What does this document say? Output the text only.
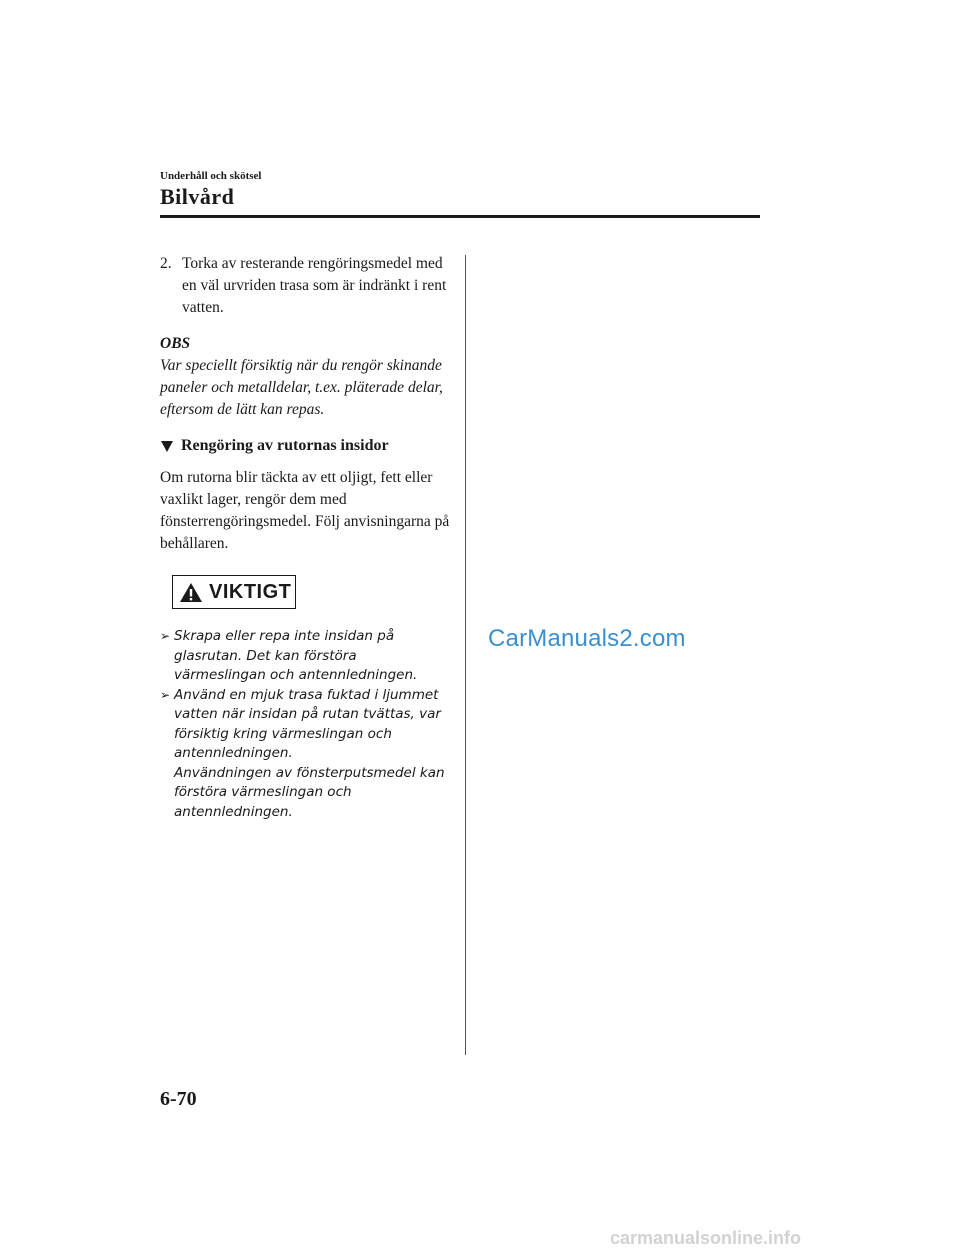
Underhåll och skötsel
Bilvård
2. Torka av resterande rengöringsmedel med en väl urvriden trasa som är indränkt i rent vatten.
OBS
Var speciellt försiktig när du rengör skinande paneler och metalldelar, t.ex. pläterade delar, eftersom de lätt kan repas.
Rengöring av rutornas insidor
Om rutorna blir täckta av ett oljigt, fett eller vaxlikt lager, rengör dem med fönsterrengöringsmedel. Följ anvisningarna på behållaren.
VIKTIGT
➢ Skrapa eller repa inte insidan på glasrutan. Det kan förstöra värmeslingan och antennledningen.
➢ Använd en mjuk trasa fuktad i ljummet vatten när insidan på rutan tvättas, var försiktig kring värmeslingan och antennledningen.
Användningen av fönsterputsmedel kan förstöra värmeslingan och antennledningen.
CarManuals2.com
6-70
carmanualsonline.info
